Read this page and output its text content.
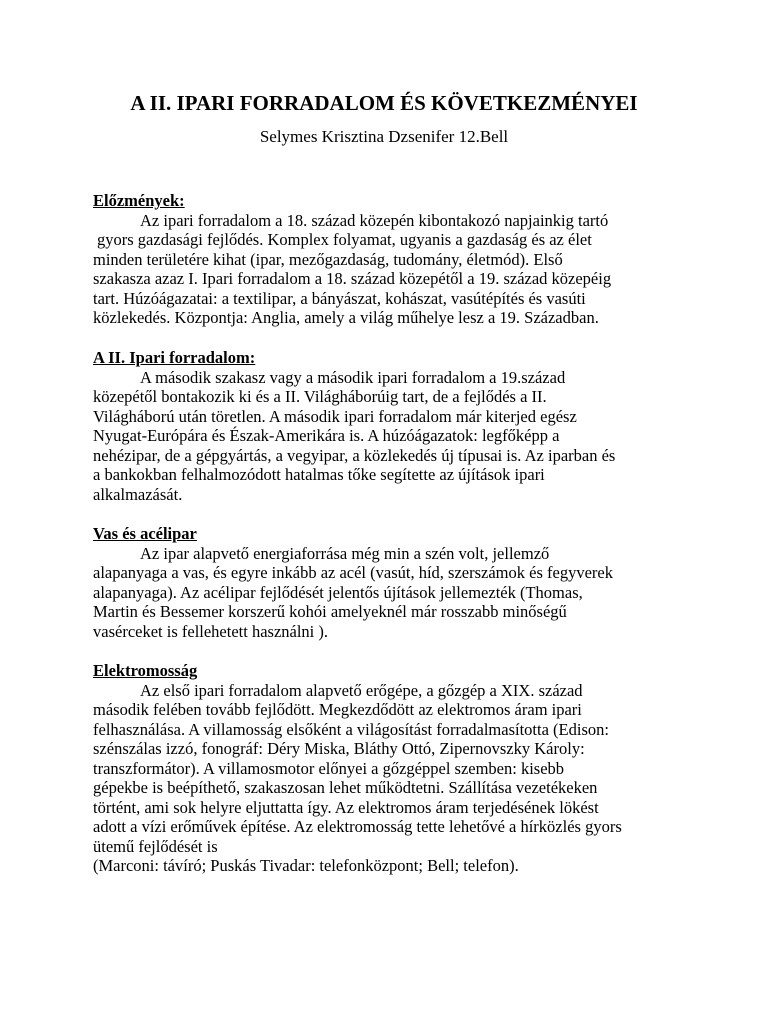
A II. IPARI FORRADALOM ÉS KÖVETKEZMÉNYEI
Selymes Krisztina Dzsenifer 12.Bell
Előzmények:
Az ipari forradalom a 18. század közepén kibontakozó napjainkig tartó
gyors gazdasági fejlődés. Komplex folyamat, ugyanis a gazdaság és az élet
minden területére kihat (ipar, mezőgazdaság, tudomány, életmód). Első
szakasza azaz I. Ipari forradalom a 18. század közepétől a 19. század közepéig
tart. Húzóágazatai: a textilipar, a bányászat, kohászat, vasútépítés és vasúti
közlekedés. Központja: Anglia, amely a világ műhelye lesz a 19. Században.
A II. Ipari forradalom:
A második szakasz vagy a második ipari forradalom a 19.század
közepétől bontakozik ki és a II. Világháborúig tart, de a fejlődés a II.
Világháború után töretlen. A második ipari forradalom már kiterjed egész
Nyugat-Európára és Észak-Amerikára is. A húzóágazatok: legfőképp a
nehézipar, de a gépgyártás, a vegyipar, a közlekedés új típusai is. Az iparban és
a bankokban felhalmozódott hatalmas tőke segítette az újítások ipari
alkalmazását.
Vas és acélipar
Az ipar alapvető energiaforrása még min a szén volt, jellemző
alapanyaga a vas, és egyre inkább az acél (vasút, híd, szerszámok és fegyverek
alapanyaga). Az acélipar fejlődését jelentős újítások jellemezték (Thomas,
Martin és Bessemer korszerű kohói amelyeknél már rosszabb minőségű
vasérceket is fellehetett használni ).
Elektromosság
Az első ipari forradalom alapvető erőgépe, a gőzgép a XIX. század
második felében tovább fejlődött. Megkezdődött az elektromos áram ipari
felhasználása. A villamosság elsőként a világosítást forradalmasította (Edison:
szénszálas izzó, fonográf: Déry Miska, Bláthy Ottó, Zipernovszky Károly:
transzformátor). A villamosmotor előnyei a gőzgéppel szemben: kisebb
gépekbe is beépíthető, szakaszosan lehet működtetni. Szállítása vezetékeken
történt, ami sok helyre eljuttatta így. Az elektromos áram terjedésének lökést
adott a vízi erőművek építése. Az elektromosság tette lehetővé a hírközlés gyors
ütemű fejlődését is
(Marconi: távíró; Puskás Tivadar: telefonközpont; Bell; telefon).
